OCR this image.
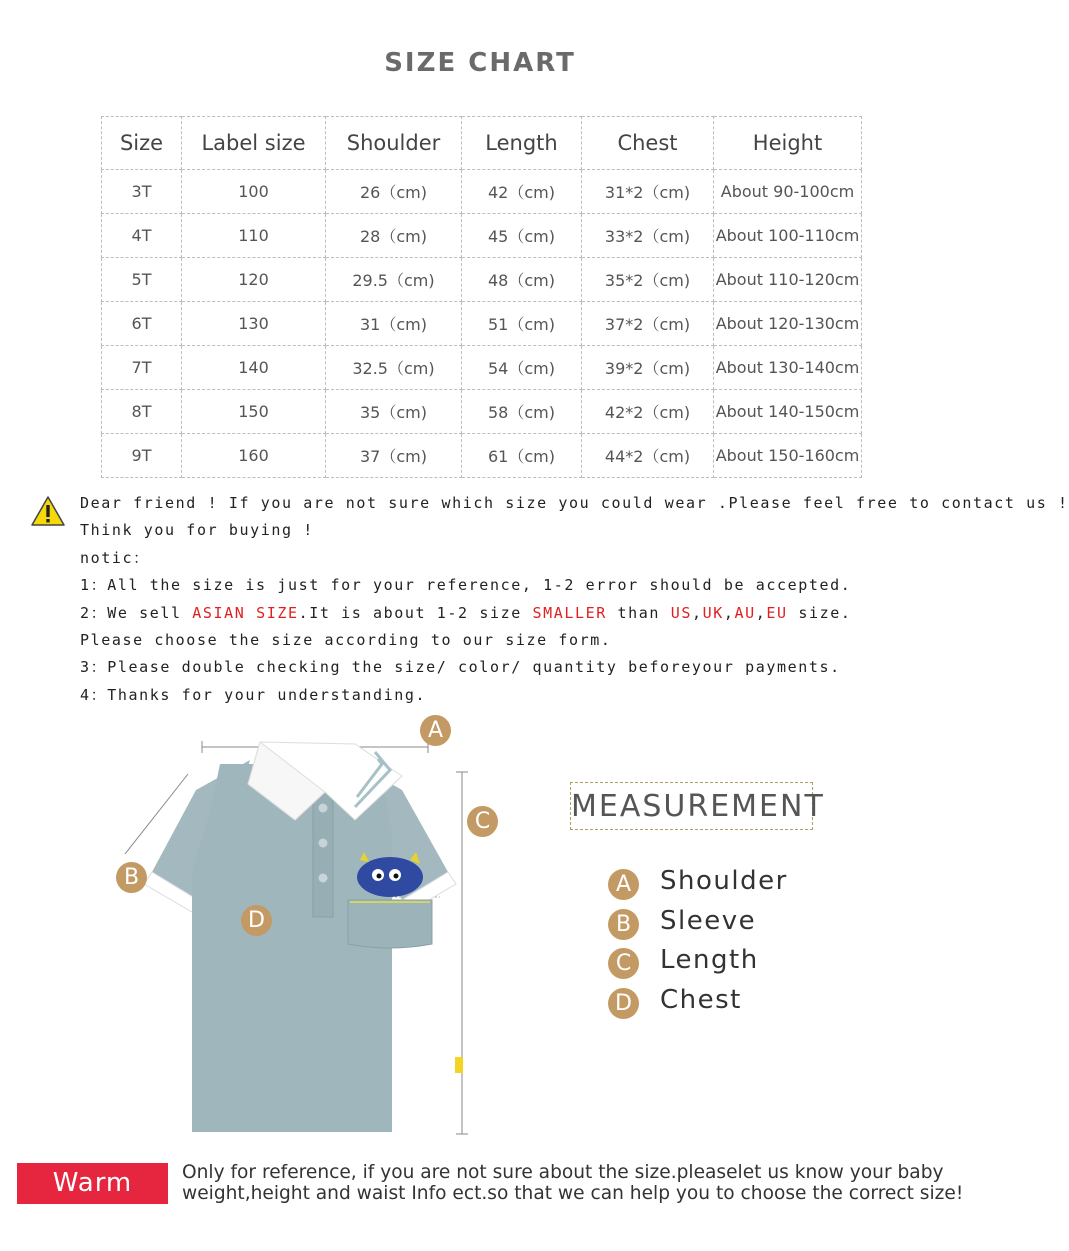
SIZE CHART
Size	Label size	Shoulder	Length	Chest	Height
3T	100	26（cm)	42（cm)	31*2（cm)	About 90-100cm
4T	110	28（cm)	45（cm)	33*2（cm)	About 100-110cm
5T	120	29.5（cm)	48（cm)	35*2（cm)	About 110-120cm
6T	130	31（cm)	51（cm)	37*2（cm)	About 120-130cm
7T	140	32.5（cm)	54（cm)	39*2（cm)	About 130-140cm
8T	150	35（cm)	58（cm)	42*2（cm)	About 140-150cm
9T	160	37（cm)	61（cm)	44*2（cm)	About 150-160cm

Dear friend ! If you are not sure which size you could wear .Please feel free to contact us !

Think you for buying !

notic：

1：All the size is just for your reference, 1-2 error should be accepted.

2：We sell ASIAN SIZE.It is about 1-2 size SMALLER than US,UK,AU,EU size.

Please choose the size according to our size form.

3：Please double checking the size/ color/ quantity beforeyour payments.

4：Thanks for your understanding.

A
C
B
D
MEASUREMENT
A	Shoulder
B	Sleeve
C	Length
D Chest
Warm Tips:
Only for reference, if you are not sure about the size.pleaselet us know your baby
weight,height and waist Info ect.so that we can help you to choose the correct size!
